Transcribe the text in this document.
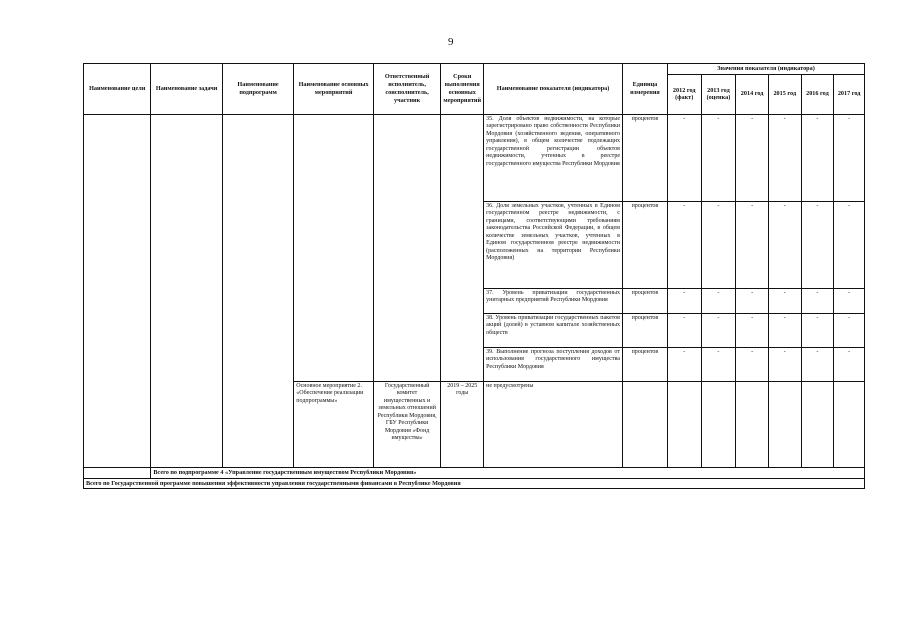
9
Наименование цели	Наименование задачи	Наименование подпрограмм	Наименование основных мероприятий	Ответственный исполнитель, соисполнитель, участник	Сроки выполнения основных мероприятий	Наименование показателя (индикатора)	Единица измерения	Значения показателя (индикатора)					
								2012 год (факт)	2013 год (оценка)	2014 год	2015 год	2016 год	2017 год
						35. Доля объектов недвижимости, на которые зарегистрировано право собственности Республики Мордовия (хозяйственного ведения, оперативного управления), в общем количестве подлежащих государственной регистрации объектов недвижимости, учтенных в реестре государственного имущества Республики Мордовия	процентов	-	-	-	-	-	-
						36. Доля земельных участков, учтенных в Едином государственном реестре недвижимости, с границами, соответствующими требованиям законодательства Российской Федерации, в общем количестве земельных участков, учтенных в Едином государственном реестре недвижимости (расположенных на территории Республики Мордовия)	процентов	-	-	-	-	-	-
						37. Уровень приватизации государственных унитарных предприятий Республики Мордовия	процентов	-	-	-	-	-	-
						38. Уровень приватизации государственных пакетов акций (долей) в уставном капитале хозяйственных обществ	процентов	-	-	-	-	-	-
						39. Выполнение прогноза поступления доходов от использования государственного имущества Республики Мордовия	процентов	-	-	-	-	-	-
			Основное мероприятие 2. «Обеспечение реализации подпрограммы»	Государственный комитет имущественных и земельных отношений Республики Мордовия, ГБУ Республики Мордовия «Фонд имущества»	2019 – 2025 годы	не предусмотрены							
	Всего по подпрограмме 4 «Управление государственным имуществом Республики Мордовия»												
Всего по Государственной программе повышения эффективности управления государственными финансами в Республике Мордовия													
